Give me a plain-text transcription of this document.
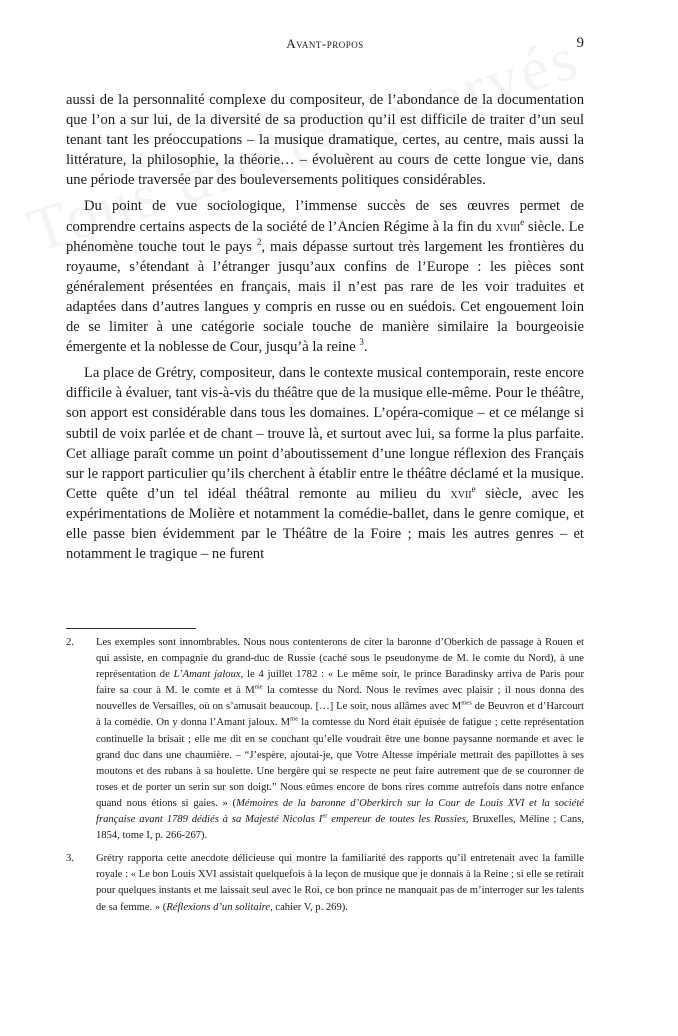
Avant-propos	9

aussi de la personnalité complexe du compositeur, de l’abondance de la documentation que l’on a sur lui, de la diversité de sa production qu’il est difficile de traiter d’un seul tenant tant les préoccupations – la musique dramatique, certes, au centre, mais aussi la littérature, la philosophie, la théorie… – évoluèrent au cours de cette longue vie, dans une période traversée par des bouleversements politiques considérables.

Du point de vue sociologique, l’immense succès de ses œuvres permet de comprendre certains aspects de la société de l’Ancien Régime à la fin du xviii$^e$ siècle. Le phénomène touche tout le pays $^2$, mais dépasse surtout très largement les frontières du royaume, s’étendant à l’étranger jusqu’aux confins de l’Europe : les pièces sont généralement présentées en français, mais il n’est pas rare de les voir traduites et adaptées dans d’autres langues y compris en russe ou en suédois. Cet engouement loin de se limiter à une catégorie sociale touche de manière similaire la bourgeoisie émergente et la noblesse de Cour, jusqu’à la reine $^3$.

La place de Grétry, compositeur, dans le contexte musical contemporain, reste encore difficile à évaluer, tant vis-à-vis du théâtre que de la musique elle-même. Pour le théâtre, son apport est considérable dans tous les domaines. L’opéra-comique – et ce mélange si subtil de voix parlée et de chant – trouve là, et surtout avec lui, sa forme la plus parfaite. Cet alliage paraît comme un point d’aboutissement d’une longue réflexion des Français sur le rapport particulier qu’ils cherchent à établir entre le théâtre déclamé et la musique. Cette quête d’un tel idéal théâtral remonte au milieu du xvii$^e$ siècle, avec les expérimentations de Molière et notamment la comédie-ballet, dans le genre comique, et elle passe bien évidemment par le Théâtre de la Foire ; mais les autres genres – et notamment le tragique – ne furent

2. Les exemples sont innombrables. Nous nous contenterons de citer la baronne d’Oberkich de passage à Rouen et qui assiste, en compagnie du grand-duc de Russie (caché sous le pseudonyme de M. le comte du Nord), à une représentation de L’Amant jaloux, le 4 juillet 1782 : « Le même soir, le prince Baradinsky arriva de Paris pour faire sa cour à M. le comte et à $M^{me}$ la comtesse du Nord. Nous le revîmes avec plaisir ; il nous donna des nouvelles de Versailles, où on s’amusait beaucoup. […] Le soir, nous allâmes avec $M^{mes}$ de Beuvron et d’Harcourt à la comédie. On y donna l’Amant jaloux. $M^{me}$ la comtesse du Nord était épuisée de fatigue ; cette représentation continuelle la brisait ; elle me dit en se couchant qu’elle voudrait être une bonne paysanne normande et avec le grand duc dans une chaumière. – “J’espère, ajoutai-je, que Votre Altesse impériale mettrait des papillottes à ses moutons et des rubans à sa houlette. Une bergère qui se respecte ne peut faire autrement que de se couronner de roses et de porter un serin sur son doigt.” Nous eûmes encore de bons rires comme autrefois dans notre enfance quand nous étions si gaies. » (Mémoires de la baronne d’Oberkirch sur la Cour de Louis XVI et la société française avant 1789 dédiés à sa Majesté Nicolas Ier empereur de toutes les Russies, Bruxelles, Méline ; Cans, 1854, tome I, p. 266-267).
3. Grétry rapporta cette anecdote délicieuse qui montre la familiarité des rapports qu’il entretenait avec la famille royale : « Le bon Louis XVI assistait quelquefois à la leçon de musique que je donnais à la Reine ; si elle se retirait pour quelques instants et me laissait seul avec le Roi, ce bon prince ne manquait pas de m’interroger sur les talents de sa femme. » (Réflexions d’un solitaire, cahier V, p. 269).
